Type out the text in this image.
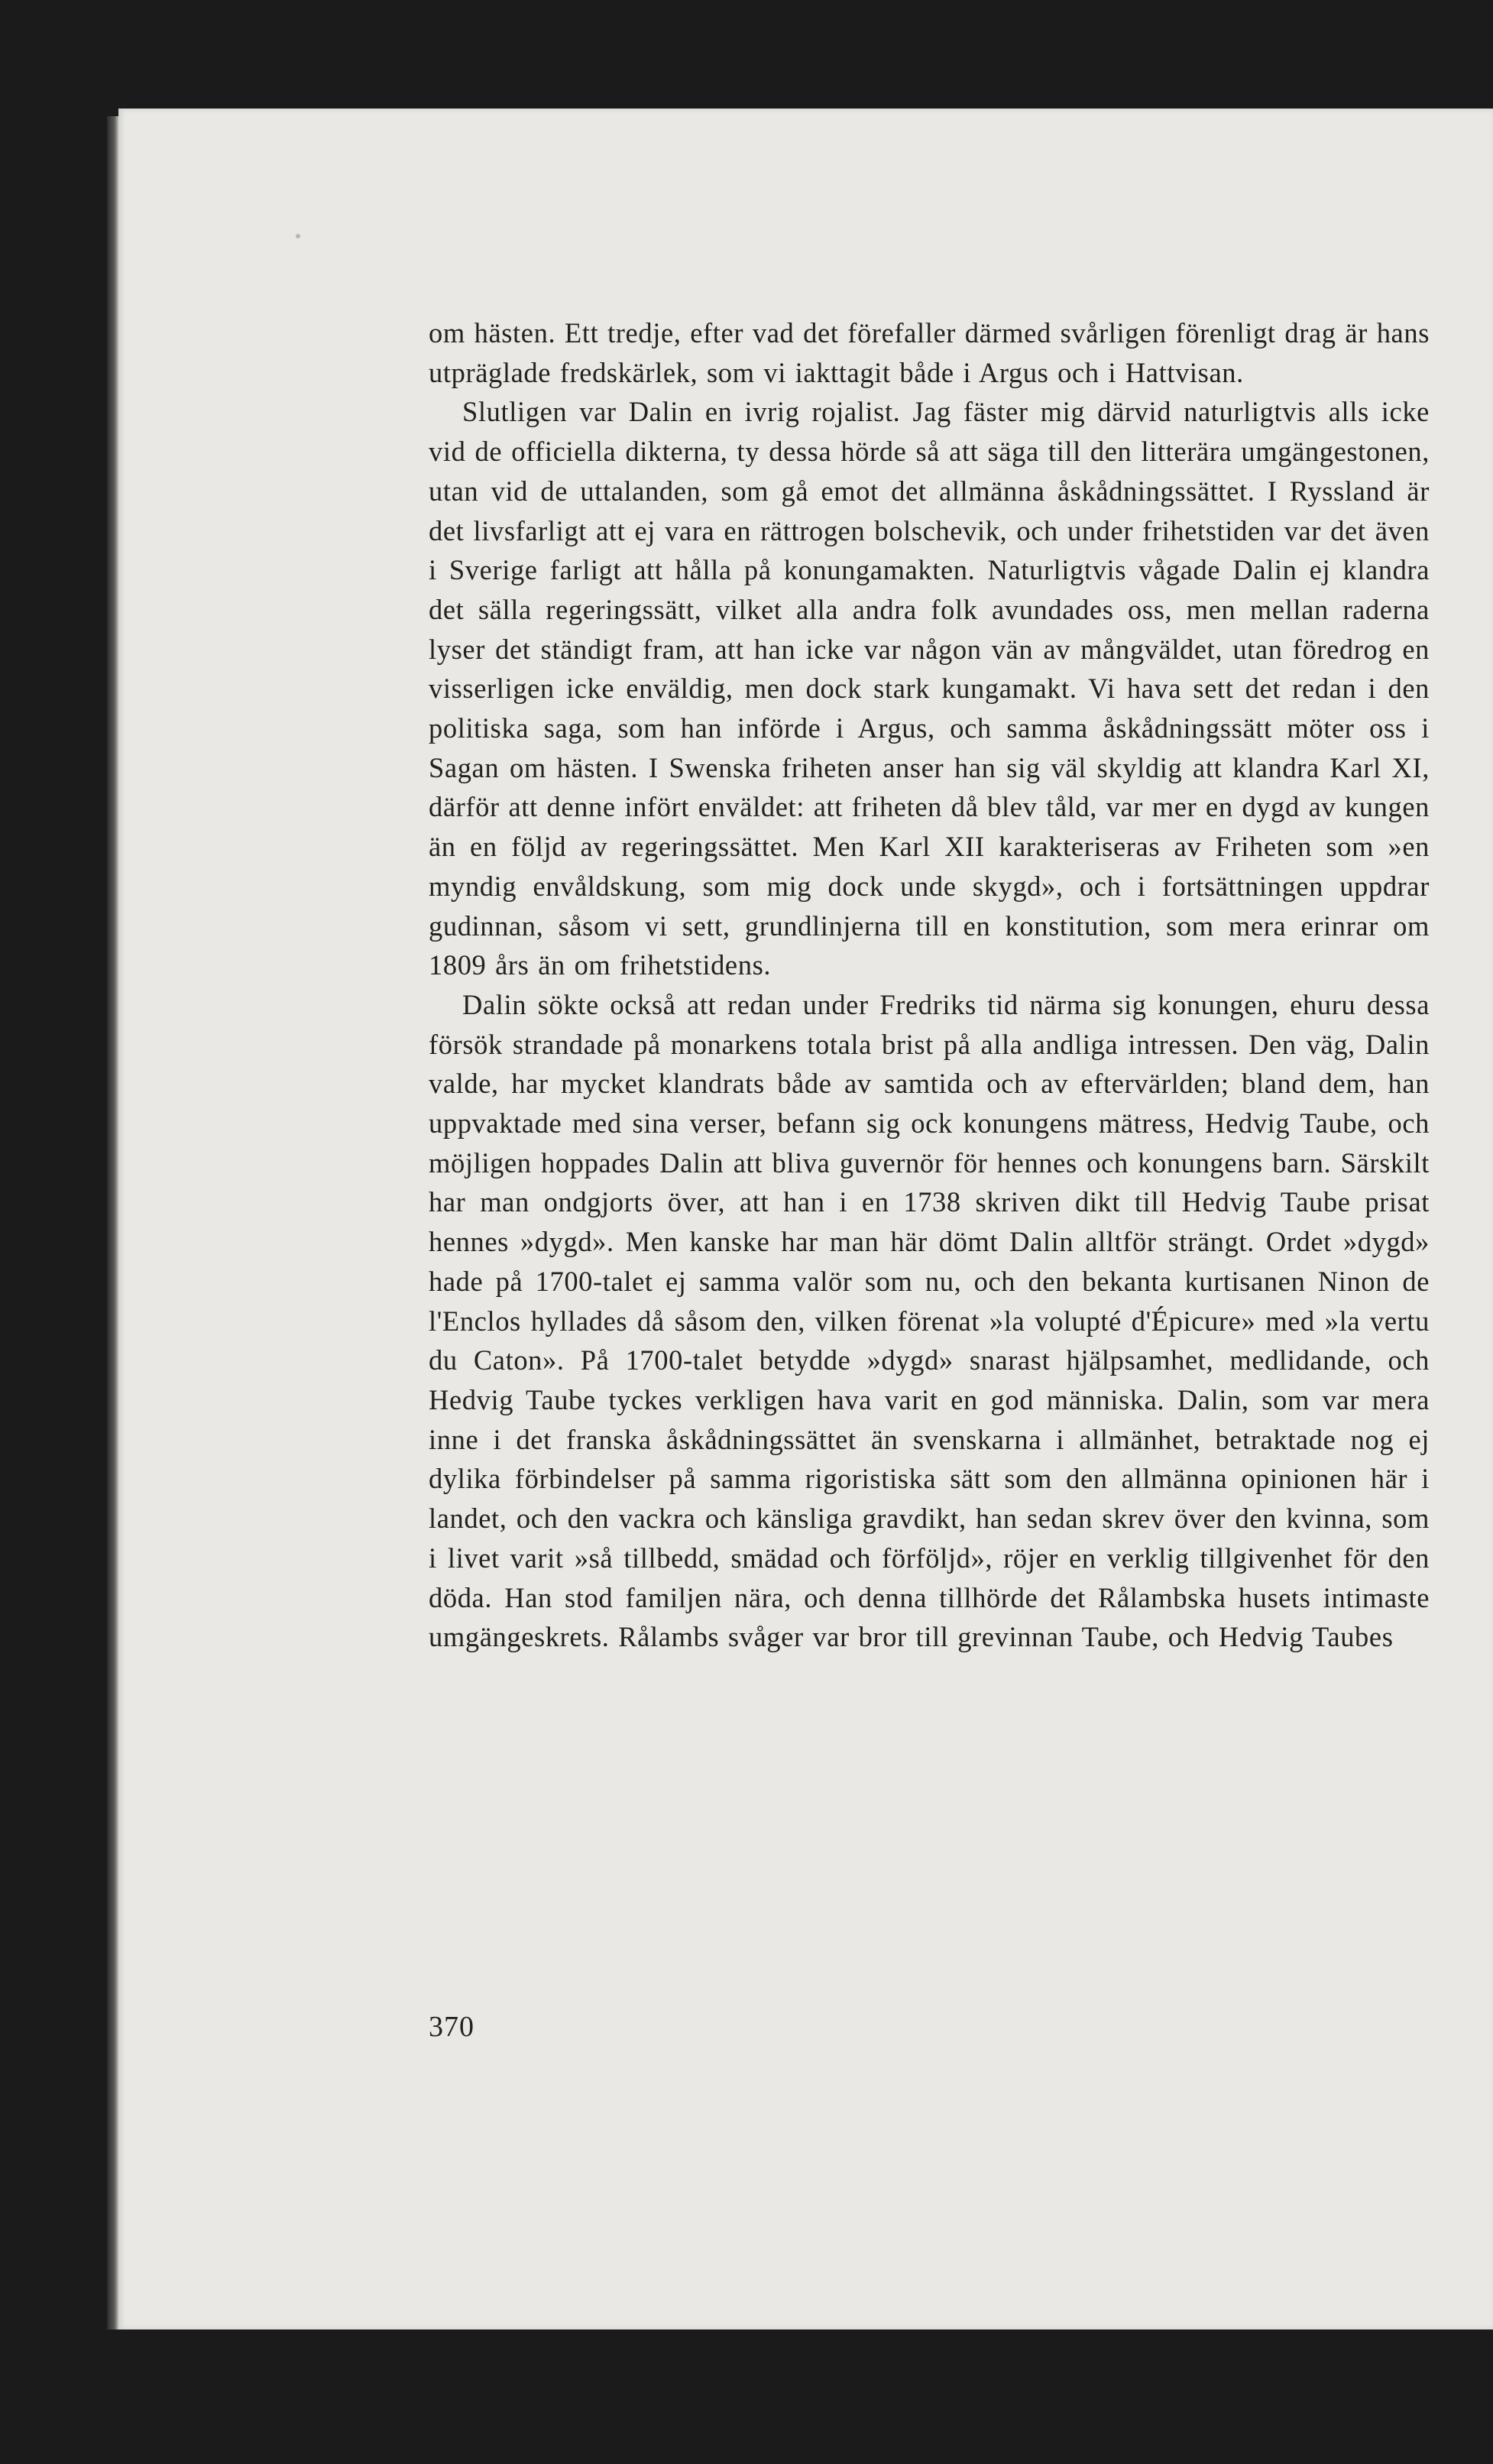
om hästen. Ett tredje, efter vad det förefaller därmed svårligen förenligt drag är hans utpräglade fredskärlek, som vi iakttagit både i Argus och i Hattvisan.

Slutligen var Dalin en ivrig rojalist. Jag fäster mig därvid naturligtvis alls icke vid de officiella dikterna, ty dessa hörde så att säga till den litterära umgängestonen, utan vid de uttalanden, som gå emot det allmänna åskådningssättet. I Ryssland är det livsfarligt att ej vara en rättrogen bolschevik, och under frihetstiden var det även i Sverige farligt att hålla på konungamakten. Naturligtvis vågade Dalin ej klandra det sälla regeringssätt, vilket alla andra folk avundades oss, men mellan raderna lyser det ständigt fram, att han icke var någon vän av mångväldet, utan föredrog en visserligen icke enväldig, men dock stark kungamakt. Vi hava sett det redan i den politiska saga, som han införde i Argus, och samma åskådningssätt möter oss i Sagan om hästen. I Swenska friheten anser han sig väl skyldig att klandra Karl XI, därför att denne infört enväldet: att friheten då blev tåld, var mer en dygd av kungen än en följd av regeringssättet. Men Karl XII karakteriseras av Friheten som »en myndig envåldskung, som mig dock unde skygd», och i fortsättningen uppdrar gudinnan, såsom vi sett, grundlinjerna till en konstitution, som mera erinrar om 1809 års än om frihetstidens.

Dalin sökte också att redan under Fredriks tid närma sig konungen, ehuru dessa försök strandade på monarkens totala brist på alla andliga intressen. Den väg, Dalin valde, har mycket klandrats både av samtida och av eftervärlden; bland dem, han uppvaktade med sina verser, befann sig ock konungens mätress, Hedvig Taube, och möjligen hoppades Dalin att bliva guvernör för hennes och konungens barn. Särskilt har man ondgjorts över, att han i en 1738 skriven dikt till Hedvig Taube prisat hennes »dygd». Men kanske har man här dömt Dalin alltför strängt. Ordet »dygd» hade på 1700-talet ej samma valör som nu, och den bekanta kurtisanen Ninon de l'Enclos hyllades då såsom den, vilken förenat »la volupté d'Épicure» med »la vertu du Caton». På 1700-talet betydde »dygd» snarast hjälpsamhet, medlidande, och Hedvig Taube tyckes verkligen hava varit en god människa. Dalin, som var mera inne i det franska åskådningssättet än svenskarna i allmänhet, betraktade nog ej dylika förbindelser på samma rigoristiska sätt som den allmänna opinionen här i landet, och den vackra och känsliga gravdikt, han sedan skrev över den kvinna, som i livet varit »så tillbedd, smädad och förföljd», röjer en verklig tillgivenhet för den döda. Han stod familjen nära, och denna tillhörde det Rålambska husets intimaste umgängeskrets. Rålambs svåger var bror till grevinnan Taube, och Hedvig Taubes

370
